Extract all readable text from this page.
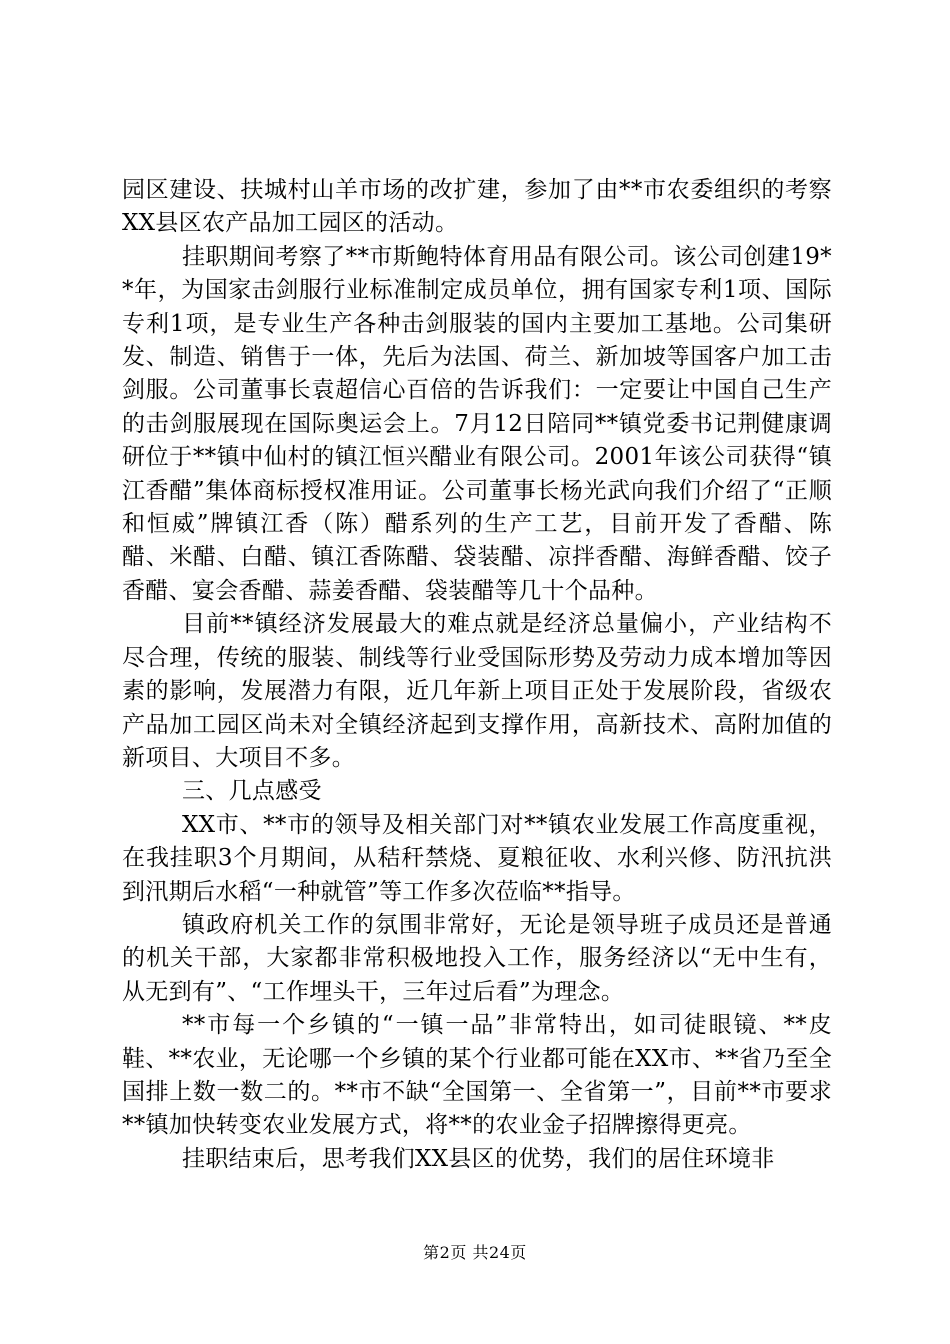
园区建设、扶城村山羊市场的改扩建，参加了由**市农委组织的考察XX县区农产品加工园区的活动。

挂职期间考察了**市斯鲍特体育用品有限公司。该公司创建19**年，为国家击剑服行业标准制定成员单位，拥有国家专利1项、国际专利1项，是专业生产各种击剑服装的国内主要加工基地。公司集研发、制造、销售于一体，先后为法国、荷兰、新加坡等国客户加工击剑服。公司董事长袁超信心百倍的告诉我们：一定要让中国自己生产的击剑服展现在国际奥运会上。7月12日陪同**镇党委书记荆健康调研位于**镇中仙村的镇江恒兴醋业有限公司。2001年该公司获得“镇江香醋”集体商标授权准用证。公司董事长杨光武向我们介绍了“正顺和恒威”牌镇江香（陈）醋系列的生产工艺，目前开发了香醋、陈醋、米醋、白醋、镇江香陈醋、袋装醋、凉拌香醋、海鲜香醋、饺子香醋、宴会香醋、蒜姜香醋、袋装醋等几十个品种。

目前**镇经济发展最大的难点就是经济总量偏小，产业结构不尽合理，传统的服装、制线等行业受国际形势及劳动力成本增加等因素的影响，发展潜力有限，近几年新上项目正处于发展阶段，省级农产品加工园区尚未对全镇经济起到支撑作用，高新技术、高附加值的新项目、大项目不多。

三、几点感受

XX市、**市的领导及相关部门对**镇农业发展工作高度重视，在我挂职3个月期间，从秸秆禁烧、夏粮征收、水利兴修、防汛抗洪到汛期后水稻“一种就管”等工作多次莅临**指导。

镇政府机关工作的氛围非常好，无论是领导班子成员还是普通的机关干部，大家都非常积极地投入工作，服务经济以“无中生有，从无到有”、“工作埋头干，三年过后看”为理念。

**市每一个乡镇的“一镇一品”非常特出，如司徒眼镜、**皮鞋、**农业，无论哪一个乡镇的某个行业都可能在XX市、**省乃至全国排上数一数二的。**市不缺“全国第一、全省第一”，目前**市要求**镇加快转变农业发展方式，将**的农业金子招牌擦得更亮。

挂职结束后，思考我们XX县区的优势，我们的居住环境非

第2页 共24页
